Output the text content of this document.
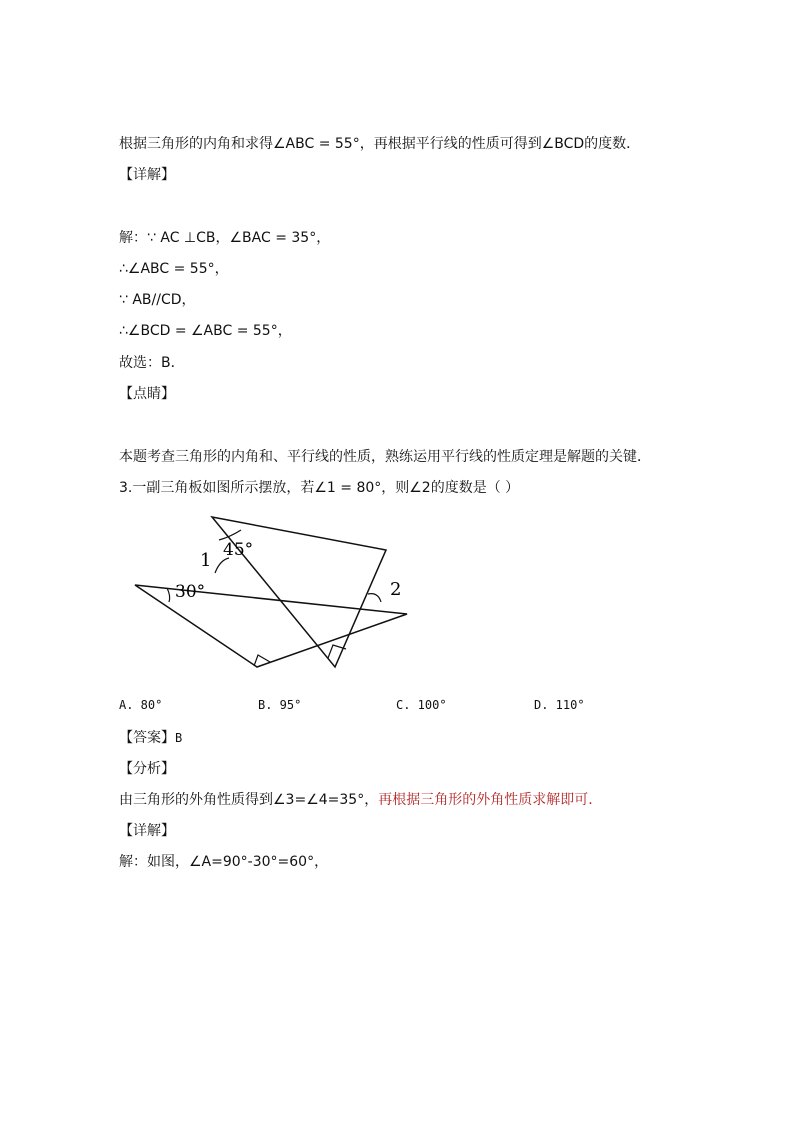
根据三角形的内角和求得∠ABC = 55°，再根据平行线的性质可得到∠BCD的度数．
【详解】
解：∵ AC ⊥CB，∠BAC = 35°，
∴∠ABC = 55°，
∵ AB//CD，
∴∠BCD = ∠ABC = 55°，
故选：B．
【点睛】
本题考查三角形的内角和、平行线的性质，熟练运用平行线的性质定理是解题的关键．
3.一副三角板如图所示摆放，若∠1 = 80°，则∠2的度数是（ ）
1 45°
30°	2
A. 80°	B. 95°	C. 100°	D. 110°
【答案】B
【分析】
由三角形的外角性质得到∠3=∠4=35°，再根据三角形的外角性质求解即可.
【详解】
解：如图，∠A=90°-30°=60°，
